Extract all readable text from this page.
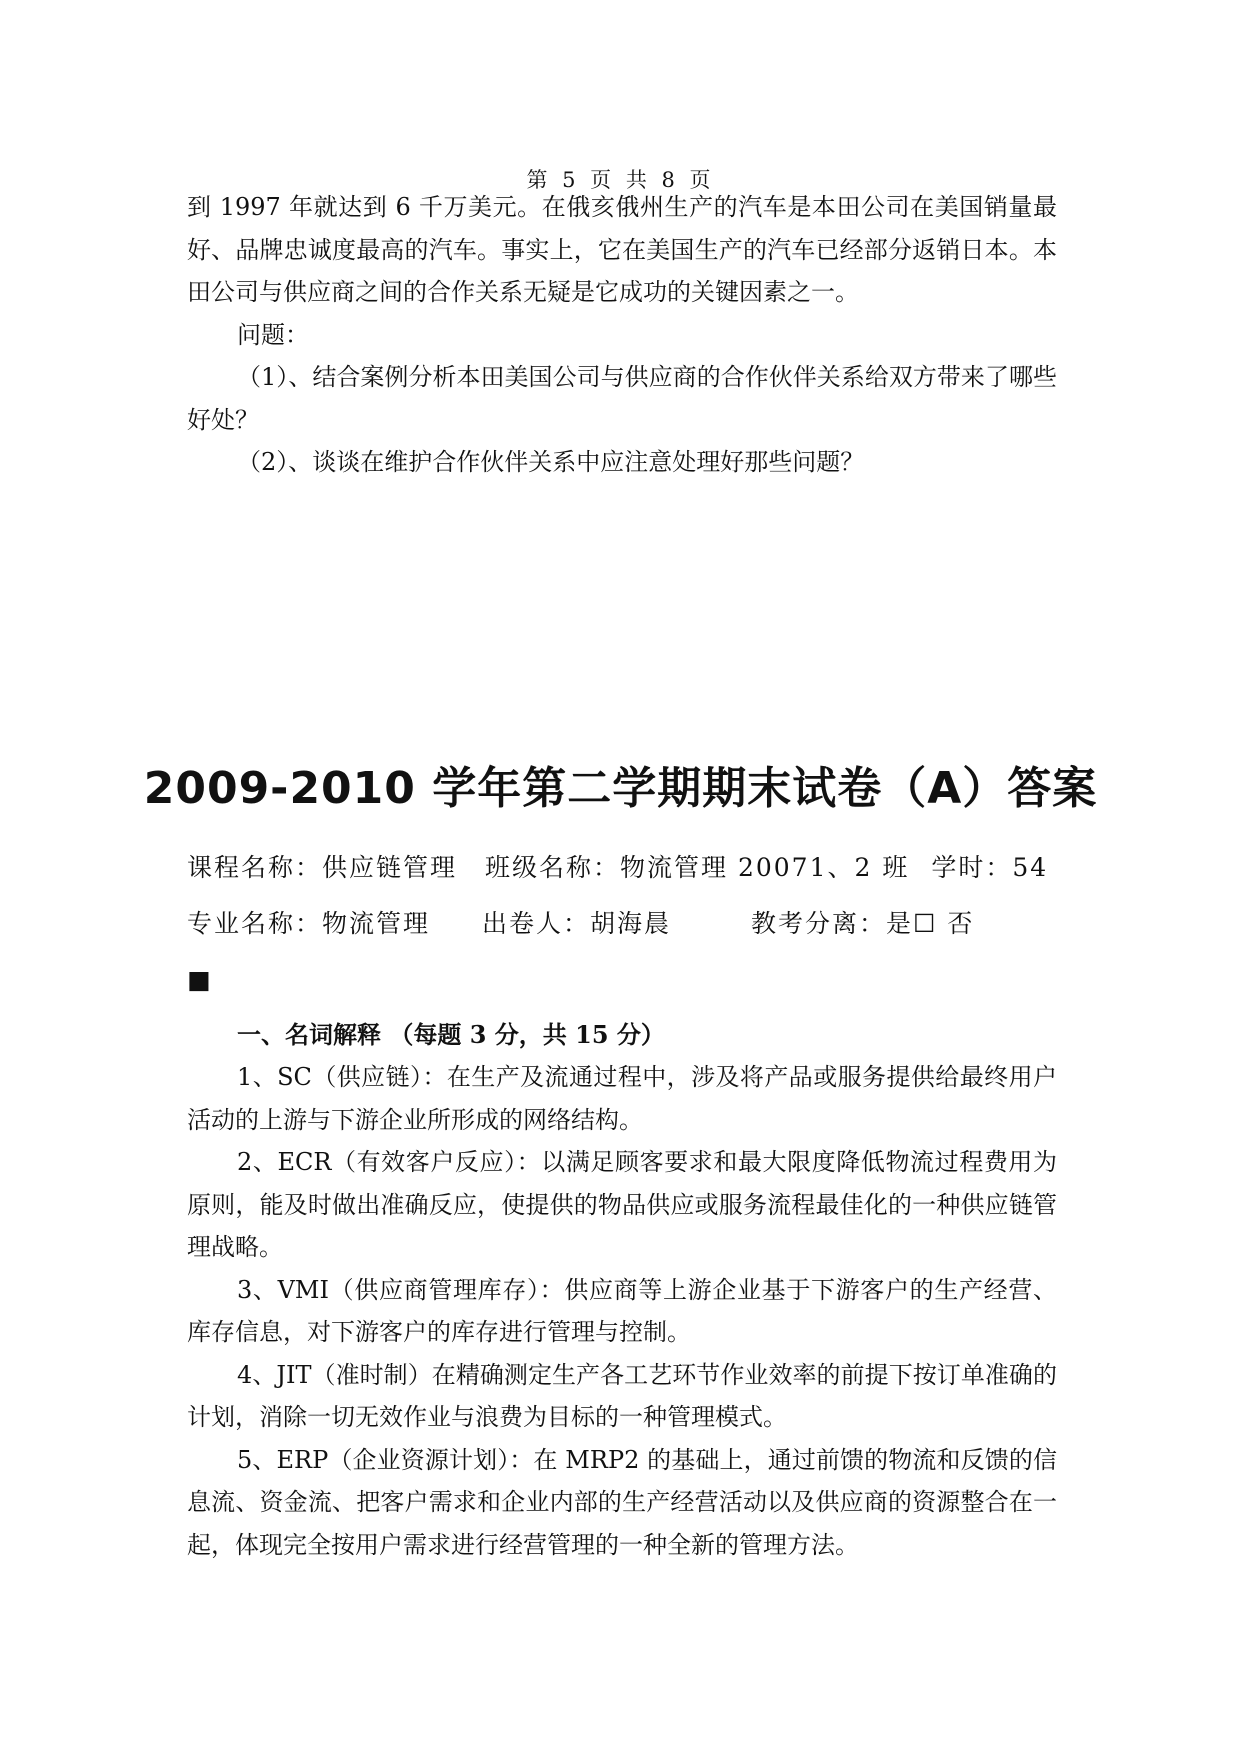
第 5 页 共 8 页

到 1997 年就达到 6 千万美元。在俄亥俄州生产的汽车是本田公司在美国销量最好、品牌忠诚度最高的汽车。事实上，它在美国生产的汽车已经部分返销日本。本田公司与供应商之间的合作关系无疑是它成功的关键因素之一。

问题：

（1）、结合案例分析本田美国公司与供应商的合作伙伴关系给双方带来了哪些好处？

（2）、谈谈在维护合作伙伴关系中应注意处理好那些问题？

2009-2010 学年第二学期期末试卷（A）答案

课程名称：供应链管理 班级名称：物流管理 20071、2 班 学时：54

专业名称：物流管理 出卷人：胡海晨	教考分离：是☐ 否

■

一、名词解释 （每题 3 分，共 15 分）

1、SC（供应链）：在生产及流通过程中，涉及将产品或服务提供给最终用户活动的上游与下游企业所形成的网络结构。

2、ECR（有效客户反应）：以满足顾客要求和最大限度降低物流过程费用为原则，能及时做出准确反应，使提供的物品供应或服务流程最佳化的一种供应链管理战略。

3、VMI（供应商管理库存）：供应商等上游企业基于下游客户的生产经营、库存信息，对下游客户的库存进行管理与控制。

4、JIT（准时制）在精确测定生产各工艺环节作业效率的前提下按订单准确的计划，消除一切无效作业与浪费为目标的一种管理模式。

5、ERP（企业资源计划）：在 MRP2 的基础上，通过前馈的物流和反馈的信息流、资金流、把客户需求和企业内部的生产经营活动以及供应商的资源整合在一起，体现完全按用户需求进行经营管理的一种全新的管理方法。
